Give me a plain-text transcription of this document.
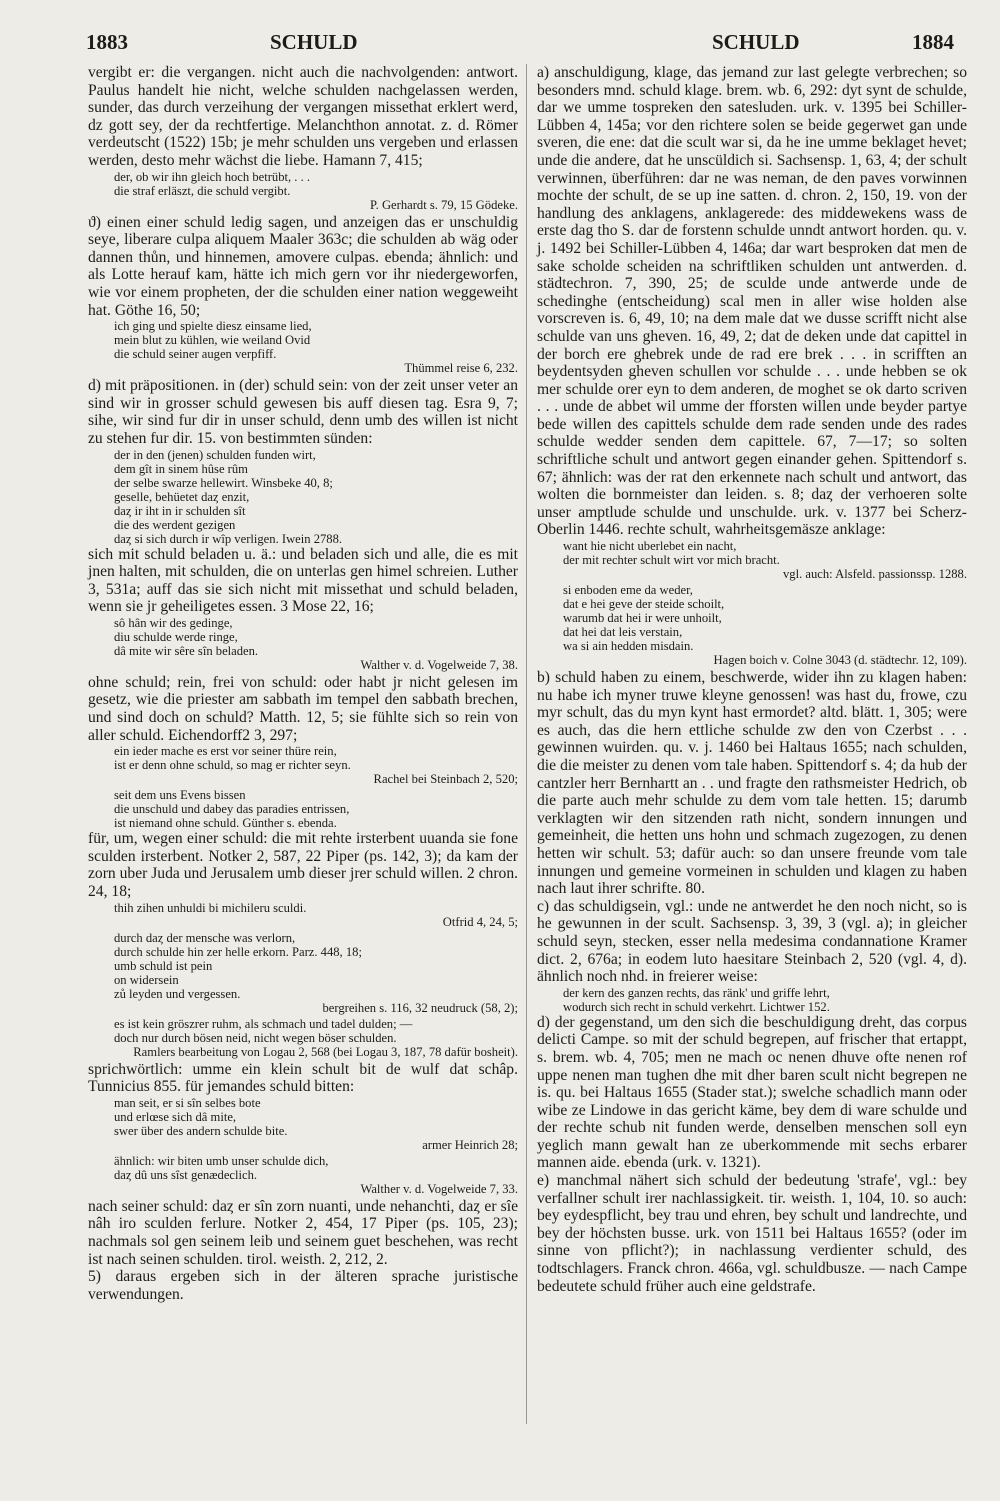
1883	SCHULD	SCHULD	1884

vergibt er: die vergangen. nicht auch die nachvolgenden: antwort. Paulus handelt hie nicht, welche schulden nachgelassen werden, sunder, das durch verzeihung der vergangen missethat erklert werd, dz gott sey, der da rechtfertige. Melanchthon annotat. z. d. Römer verdeutscht (1522) 15b; je mehr schulden uns vergeben und erlassen werden, desto mehr wächst die liebe. Hamann 7, 415;

der, ob wir ihn gleich hoch betrübt, . . .
die straf erläszt, die schuld vergibt.

P. Gerhardt s. 79, 15 Gödeke.

ϑ) einen einer schuld ledig sagen, und anzeigen das er unschuldig seye, liberare culpa aliquem Maaler 363c; die schulden ab wäg oder dannen thůn, und hinnemen, amovere culpas. ebenda; ähnlich: und als Lotte herauf kam, hätte ich mich gern vor ihr niedergeworfen, wie vor einem propheten, der die schulden einer nation weggeweiht hat. Göthe 16, 50;

ich ging und spielte diesz einsame lied,
mein blut zu kühlen, wie weiland Ovid
die schuld seiner augen verpfiff.

Thümmel reise 6, 232.

d) mit präpositionen. in (der) schuld sein: von der zeit unser veter an sind wir in grosser schuld gewesen bis auff diesen tag. Esra 9, 7; sihe, wir sind fur dir in unser schuld, denn umb des willen ist nicht zu stehen fur dir. 15. von bestimmten sünden:

der in den (jenen) schulden funden wirt,
dem gît in sinem hûse rûm
der selbe swarze hellewirt. Winsbeke 40, 8;
geselle, behüetet daȥ enzit,
daȥ ir iht in ir schulden sît
die des werdent gezigen
daȥ si sich durch ir wîp verligen. Iwein 2788.

sich mit schuld beladen u. ä.: und beladen sich und alle, die es mit jnen halten, mit schulden, die on unterlas gen himel schreien. Luther 3, 531a; auff das sie sich nicht mit missethat und schuld beladen, wenn sie jr geheiligetes essen. 3 Mose 22, 16;

sô hân wir des gedinge,
diu schulde werde ringe,
dâ mite wir sêre sîn beladen.

Walther v. d. Vogelweide 7, 38.

ohne schuld; rein, frei von schuld: oder habt jr nicht gelesen im gesetz, wie die priester am sabbath im tempel den sabbath brechen, und sind doch on schuld? Matth. 12, 5; sie fühlte sich so rein von aller schuld. Eichendorff2 3, 297;

ein ieder mache es erst vor seiner thüre rein,
ist er denn ohne schuld, so mag er richter seyn.

Rachel bei Steinbach 2, 520;

seit dem uns Evens bissen
die unschuld und dabey das paradies entrissen,
ist niemand ohne schuld. Günther s. ebenda.

für, um, wegen einer schuld: die mit rehte irsterbent uuanda sie fone sculden irsterbent. Notker 2, 587, 22 Piper (ps. 142, 3); da kam der zorn uber Juda und Jerusalem umb dieser jrer schuld willen. 2 chron. 24, 18;

thih zihen unhuldi bi michileru sculdi.

Otfrid 4, 24, 5;

durch daȥ der mensche was verlorn,
durch schulde hin zer helle erkorn. Parz. 448, 18;
umb schuld ist pein
on widersein
zů leyden und vergessen.

bergreihen s. 116, 32 neudruck (58, 2);

es ist kein gröszrer ruhm, als schmach und tadel dulden; —
doch nur durch bösen neid, nicht wegen böser schulden.

Ramlers bearbeitung von Logau 2, 568 (bei Logau 3, 187, 78 dafür bosheit).

sprichwörtlich: umme ein klein schult bit de wulf dat schâp. Tunnicius 855. für jemandes schuld bitten:

man seit, er si sîn selbes bote
und erlœse sich dâ mite,
swer über des andern schulde bite.

armer Heinrich 28;

ähnlich: wir biten umb unser schulde dich,
daȥ dû uns sîst genædeclich.

Walther v. d. Vogelweide 7, 33.

nach seiner schuld: daȥ er sîn zorn nuanti, unde nehanchti, daȥ er sîe nâh iro sculden ferlure. Notker 2, 454, 17 Piper (ps. 105, 23); nachmals sol gen seinem leib und seinem guet beschehen, was recht ist nach seinen schulden. tirol. weisth. 2, 212, 2.

5) daraus ergeben sich in der älteren sprache juristische verwendungen.

a) anschuldigung, klage, das jemand zur last gelegte verbrechen; so besonders mnd. schuld klage. brem. wb. 6, 292: dyt synt de schulde, dar we umme tospreken den satesluden. urk. v. 1395 bei Schiller-Lübben 4, 145a; vor den richtere solen se beide gegerwet gan unde sveren, die ene: dat die scult war si, da he ine umme beklaget hevet; unde die andere, dat he unscüldich si. Sachsensp. 1, 63, 4; der schult verwinnen, überführen: dar ne was neman, de den paves vorwinnen mochte der schult, de se up ine satten. d. chron. 2, 150, 19. von der handlung des anklagens, anklagerede: des middewekens wass de erste dag tho S. dar de forstenn schulde unndt antwort horden. qu. v. j. 1492 bei Schiller-Lübben 4, 146a; dar wart besproken dat men de sake scholde scheiden na schriftliken schulden unt antwerden. d. städtechron. 7, 390, 25; de sculde unde antwerde unde de schedinghe (entscheidung) scal men in aller wise holden alse vorscreven is. 6, 49, 10; na dem male dat we dusse scrifft nicht alse schulde van uns gheven. 16, 49, 2; dat de deken unde dat capittel in der borch ere ghebrek unde de rad ere brek . . . in scrifften an beydentsyden gheven schullen vor schulde . . . unde hebben se ok mer schulde orer eyn to dem anderen, de moghet se ok darto scriven . . . unde de abbet wil umme der fforsten willen unde beyder partye bede willen des capittels schulde dem rade senden unde des rades schulde wedder senden dem capittele. 67, 7—17; so solten schriftliche schult und antwort gegen einander gehen. Spittendorf s. 67; ähnlich: was der rat den erkennete nach schult und antwort, das wolten die bornmeister dan leiden. s. 8; daȥ der verhoeren solte unser amptlude schulde und unschulde. urk. v. 1377 bei Scherz-Oberlin 1446. rechte schult, wahrheitsgemäsze anklage:

want hie nicht uberlebet ein nacht,
der mit rechter schult wirt vor mich bracht.

vgl. auch: Alsfeld. passionssp. 1288.

si enboden eme da weder,
dat e hei geve der steide schoilt,
warumb dat hei ir were unhoilt,
dat hei dat leis verstain,
wa si ain hedden misdain.

Hagen boich v. Colne 3043 (d. städtechr. 12, 109).

b) schuld haben zu einem, beschwerde, wider ihn zu klagen haben: nu habe ich myner truwe kleyne genossen! was hast du, frowe, czu myr schult, das du myn kynt hast ermordet? altd. blätt. 1, 305; were es auch, das die hern ettliche schulde zw den von Czerbst . . . gewinnen wuirden. qu. v. j. 1460 bei Haltaus 1655; nach schulden, die die meister zu denen vom tale haben. Spittendorf s. 4; da hub der cantzler herr Bernhartt an . . und fragte den rathsmeister Hedrich, ob die parte auch mehr schulde zu dem vom tale hetten. 15; darumb verklagten wir den sitzenden rath nicht, sondern innungen und gemeinheit, die hetten uns hohn und schmach zugezogen, zu denen hetten wir schult. 53; dafür auch: so dan unsere freunde vom tale innungen und gemeine vormeinen in schulden und klagen zu haben nach laut ihrer schrifte. 80.

c) das schuldigsein, vgl.: unde ne antwerdet he den noch nicht, so is he gewunnen in der scult. Sachsensp. 3, 39, 3 (vgl. a); in gleicher schuld seyn, stecken, esser nella medesima condannatione Kramer dict. 2, 676a; in eodem luto haesitare Steinbach 2, 520 (vgl. 4, d). ähnlich noch nhd. in freierer weise:

der kern des ganzen rechts, das ränk' und griffe lehrt,
wodurch sich recht in schuld verkehrt. Lichtwer 152.

d) der gegenstand, um den sich die beschuldigung dreht, das corpus delicti Campe. so mit der schuld begrepen, auf frischer that ertappt, s. brem. wb. 4, 705; men ne mach oc nenen dhuve ofte nenen rof uppe nenen man tughen dhe mit dher baren scult nicht begrepen ne is. qu. bei Haltaus 1655 (Stader stat.); swelche schadlich mann oder wibe ze Lindowe in das gericht käme, bey dem di ware schulde und der rechte schub nit funden werde, denselben menschen soll eyn yeglich mann gewalt han ze uberkommende mit sechs erbarer mannen aide. ebenda (urk. v. 1321).

e) manchmal nähert sich schuld der bedeutung 'strafe', vgl.: bey verfallner schult irer nachlassigkeit. tir. weisth. 1, 104, 10. so auch: bey eydespflicht, bey trau und ehren, bey schult und landrechte, und bey der höchsten busse. urk. von 1511 bei Haltaus 1655? (oder im sinne von pflicht?); in nachlassung verdienter schuld, des todtschlagers. Franck chron. 466a, vgl. schuldbusze. — nach Campe bedeutete schuld früher auch eine geldstrafe.
